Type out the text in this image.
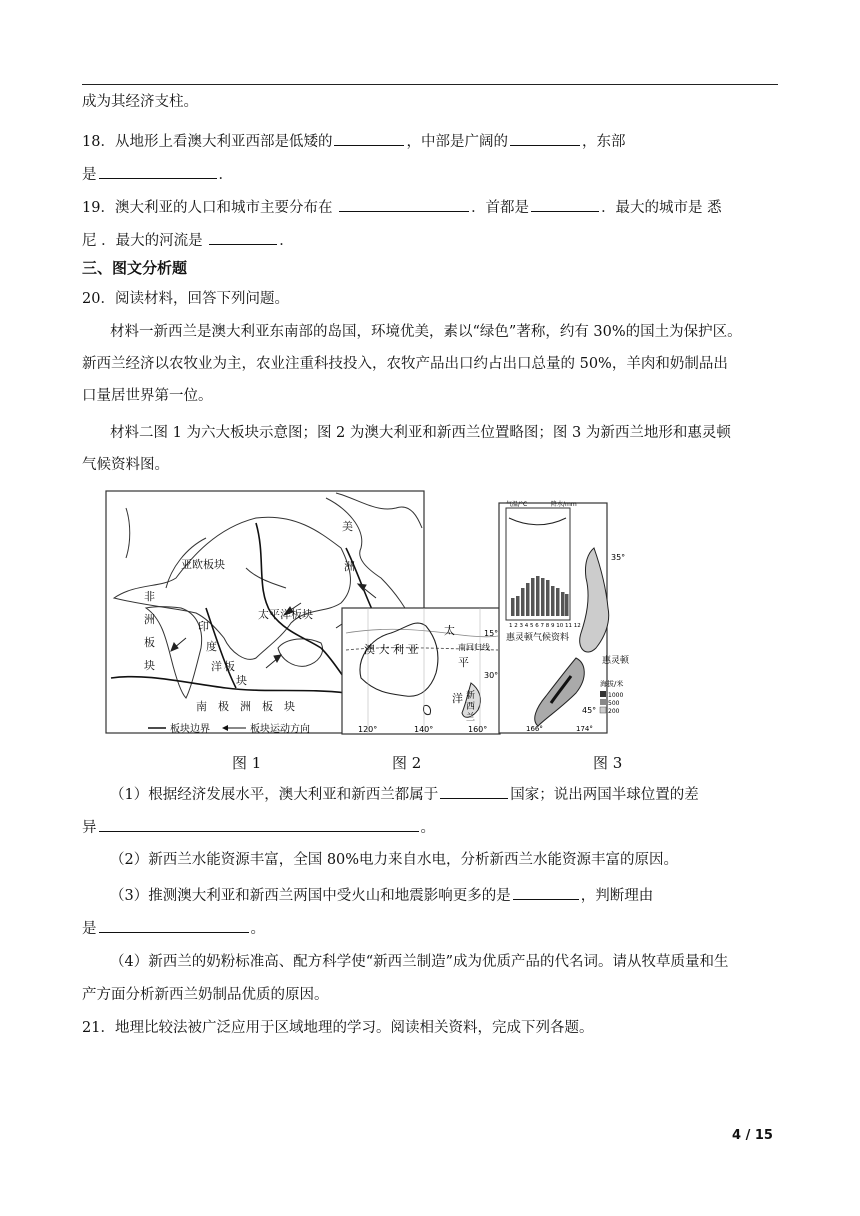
成为其经济支柱。
18．从地形上看澳大利亚西部是低矮的	，中部是广阔的	，东部
是	．
19．澳大利亚的人口和城市主要分布在	．首都是	．最大的城市是 悉
尼 ．最大的河流是	．
三、图文分析题
20．阅读材料，回答下列问题。
材料一新西兰是澳大利亚东南部的岛国，环境优美，素以“绿色”著称，约有 30%的国土为保护区。
新西兰经济以农牧业为主，农业注重科技投入，农牧产品出口约占出口总量的 50%，羊肉和奶制品出
口量居世界第一位。
材料二图 1 为六大板块示意图；图 2 为澳大利亚和新西兰位置略图；图 3 为新西兰地形和惠灵顿
气候资料图。
亚欧板块
美
洲
非
洲
板
块
印
度
洋 板
块
太平洋板块
南　极　洲　板　块
板块边界	板块运动方向
澳 大 利 亚
太
平
洋
南回归线
新
西
兰
15°
30°
120°	140°	160°
气温/°C	降水/mm
1 2 3 4 5 6 7 8 9 10 11 12
惠灵顿气候资料
35°
惠灵顿
45°
166°	174°
海拔/米
1000
500
200
图 1	图 2	图 3
（1）根据经济发展水平，澳大利亚和新西兰都属于	国家；说出两国半球位置的差
异	。
（2）新西兰水能资源丰富，全国 80%电力来自水电，分析新西兰水能资源丰富的原因。
（3）推测澳大利亚和新西兰两国中受火山和地震影响更多的是	，判断理由
是	。
（4）新西兰的奶粉标准高、配方科学使“新西兰制造”成为优质产品的代名词。请从牧草质量和生
产方面分析新西兰奶制品优质的原因。
21．地理比较法被广泛应用于区域地理的学习。阅读相关资料，完成下列各题。
4 / 15
